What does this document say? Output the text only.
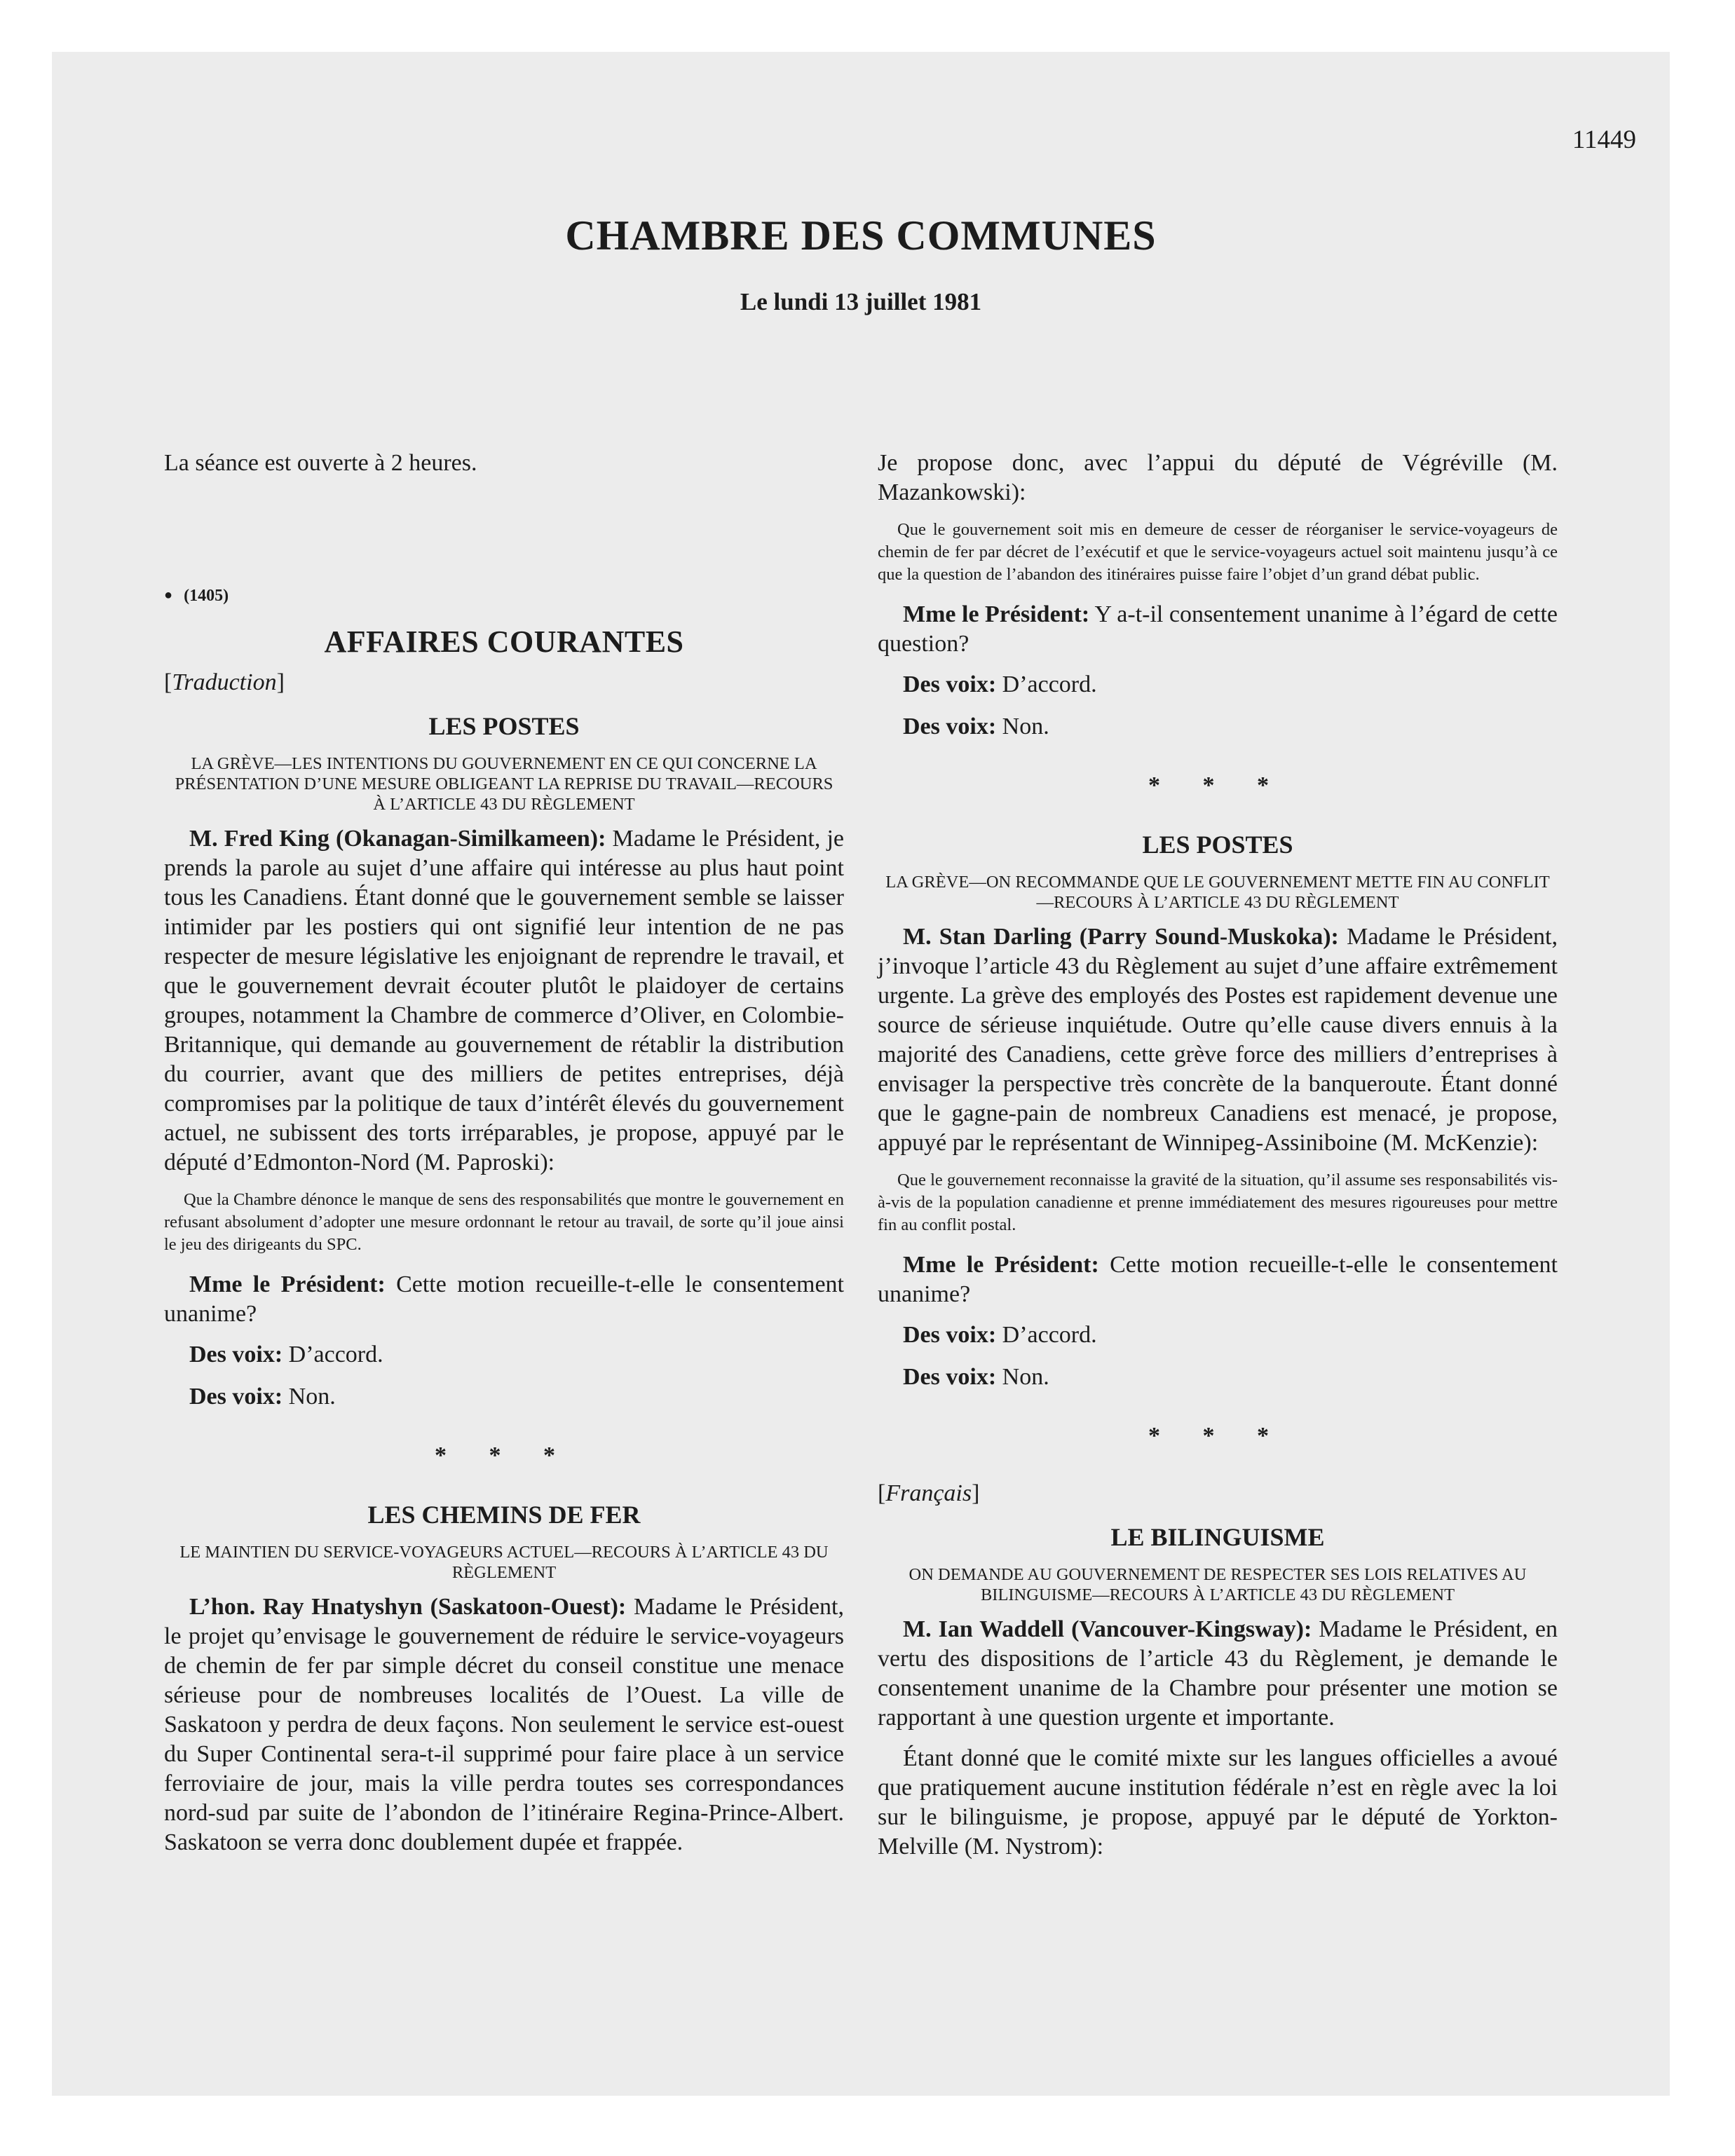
11449

CHAMBRE DES COMMUNES

Le lundi 13 juillet 1981

La séance est ouverte à 2 heures.

● (1405)

AFFAIRES COURANTES

[Traduction]

LES POSTES

LA GRÈVE—LES INTENTIONS DU GOUVERNEMENT EN CE QUI CONCERNE LA PRÉSENTATION D’UNE MESURE OBLIGEANT LA REPRISE DU TRAVAIL—RECOURS À L’ARTICLE 43 DU RÈGLEMENT

M. Fred King (Okanagan-Similkameen): Madame le Président, je prends la parole au sujet d’une affaire qui intéresse au plus haut point tous les Canadiens. Étant donné que le gouvernement semble se laisser intimider par les postiers qui ont signifié leur intention de ne pas respecter de mesure législative les enjoignant de reprendre le travail, et que le gouvernement devrait écouter plutôt le plaidoyer de certains groupes, notamment la Chambre de commerce d’Oliver, en Colombie-Britannique, qui demande au gouvernement de rétablir la distribution du courrier, avant que des milliers de petites entreprises, déjà compromises par la politique de taux d’intérêt élevés du gouvernement actuel, ne subissent des torts irréparables, je propose, appuyé par le député d’Edmonton-Nord (M. Paproski):

Que la Chambre dénonce le manque de sens des responsabilités que montre le gouvernement en refusant absolument d’adopter une mesure ordonnant le retour au travail, de sorte qu’il joue ainsi le jeu des dirigeants du SPC.

Mme le Président: Cette motion recueille-t-elle le consentement unanime?

Des voix: D’accord.

Des voix: Non.

* * *

LES CHEMINS DE FER

LE MAINTIEN DU SERVICE-VOYAGEURS ACTUEL—RECOURS À L’ARTICLE 43 DU RÈGLEMENT

L’hon. Ray Hnatyshyn (Saskatoon-Ouest): Madame le Président, le projet qu’envisage le gouvernement de réduire le service-voyageurs de chemin de fer par simple décret du conseil constitue une menace sérieuse pour de nombreuses localités de l’Ouest. La ville de Saskatoon y perdra de deux façons. Non seulement le service est-ouest du Super Continental sera-t-il supprimé pour faire place à un service ferroviaire de jour, mais la ville perdra toutes ses correspondances nord-sud par suite de l’abondon de l’itinéraire Regina-Prince-Albert. Saskatoon se verra donc doublement dupée et frappée.

Je propose donc, avec l’appui du député de Végréville (M. Mazankowski):

Que le gouvernement soit mis en demeure de cesser de réorganiser le service-voyageurs de chemin de fer par décret de l’exécutif et que le service-voyageurs actuel soit maintenu jusqu’à ce que la question de l’abandon des itinéraires puisse faire l’objet d’un grand débat public.

Mme le Président: Y a-t-il consentement unanime à l’égard de cette question?

Des voix: D’accord.

Des voix: Non.

* * *

LES POSTES

LA GRÈVE—ON RECOMMANDE QUE LE GOUVERNEMENT METTE FIN AU CONFLIT—RECOURS À L’ARTICLE 43 DU RÈGLEMENT

M. Stan Darling (Parry Sound-Muskoka): Madame le Président, j’invoque l’article 43 du Règlement au sujet d’une affaire extrêmement urgente. La grève des employés des Postes est rapidement devenue une source de sérieuse inquiétude. Outre qu’elle cause divers ennuis à la majorité des Canadiens, cette grève force des milliers d’entreprises à envisager la perspective très concrète de la banqueroute. Étant donné que le gagne-pain de nombreux Canadiens est menacé, je propose, appuyé par le représentant de Winnipeg-Assiniboine (M. McKenzie):

Que le gouvernement reconnaisse la gravité de la situation, qu’il assume ses responsabilités vis-à-vis de la population canadienne et prenne immédiatement des mesures rigoureuses pour mettre fin au conflit postal.

Mme le Président: Cette motion recueille-t-elle le consentement unanime?

Des voix: D’accord.

Des voix: Non.

* * *

[Français]

LE BILINGUISME

ON DEMANDE AU GOUVERNEMENT DE RESPECTER SES LOIS RELATIVES AU BILINGUISME—RECOURS À L’ARTICLE 43 DU RÈGLEMENT

M. Ian Waddell (Vancouver-Kingsway): Madame le Président, en vertu des dispositions de l’article 43 du Règlement, je demande le consentement unanime de la Chambre pour présenter une motion se rapportant à une question urgente et importante.

Étant donné que le comité mixte sur les langues officielles a avoué que pratiquement aucune institution fédérale n’est en règle avec la loi sur le bilinguisme, je propose, appuyé par le député de Yorkton-Melville (M. Nystrom):
